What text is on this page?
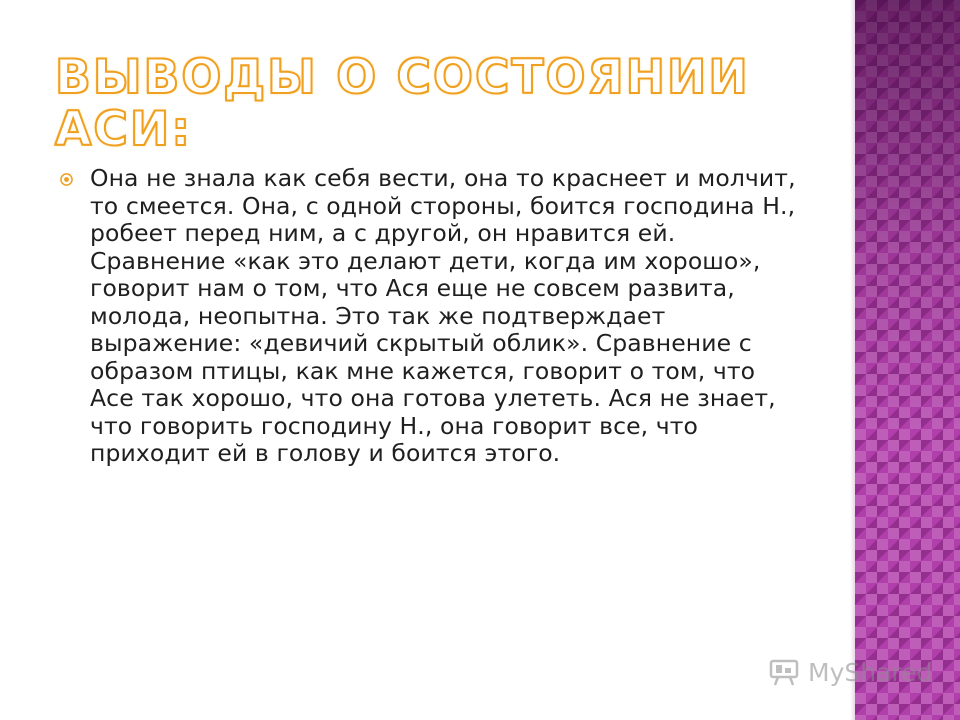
ВЫВОДЫ О СОСТОЯНИИ АСИ:

Она не знала как себя вести, она то краснеет и молчит, то смеется. Она, с одной стороны, боится господина Н., робеет перед ним, а с другой, он нравится ей. Сравнение «как это делают дети, когда им хорошо», говорит нам о том, что Ася еще не совсем развита, молода, неопытна. Это так же подтверждает выражение: «девичий скрытый облик». Сравнение с образом птицы, как мне кажется, говорит о том, что Асе так хорошо, что она готова улететь. Ася не знает, что говорить господину Н., она говорит все, что приходит ей в голову и боится этого.

MyShared
